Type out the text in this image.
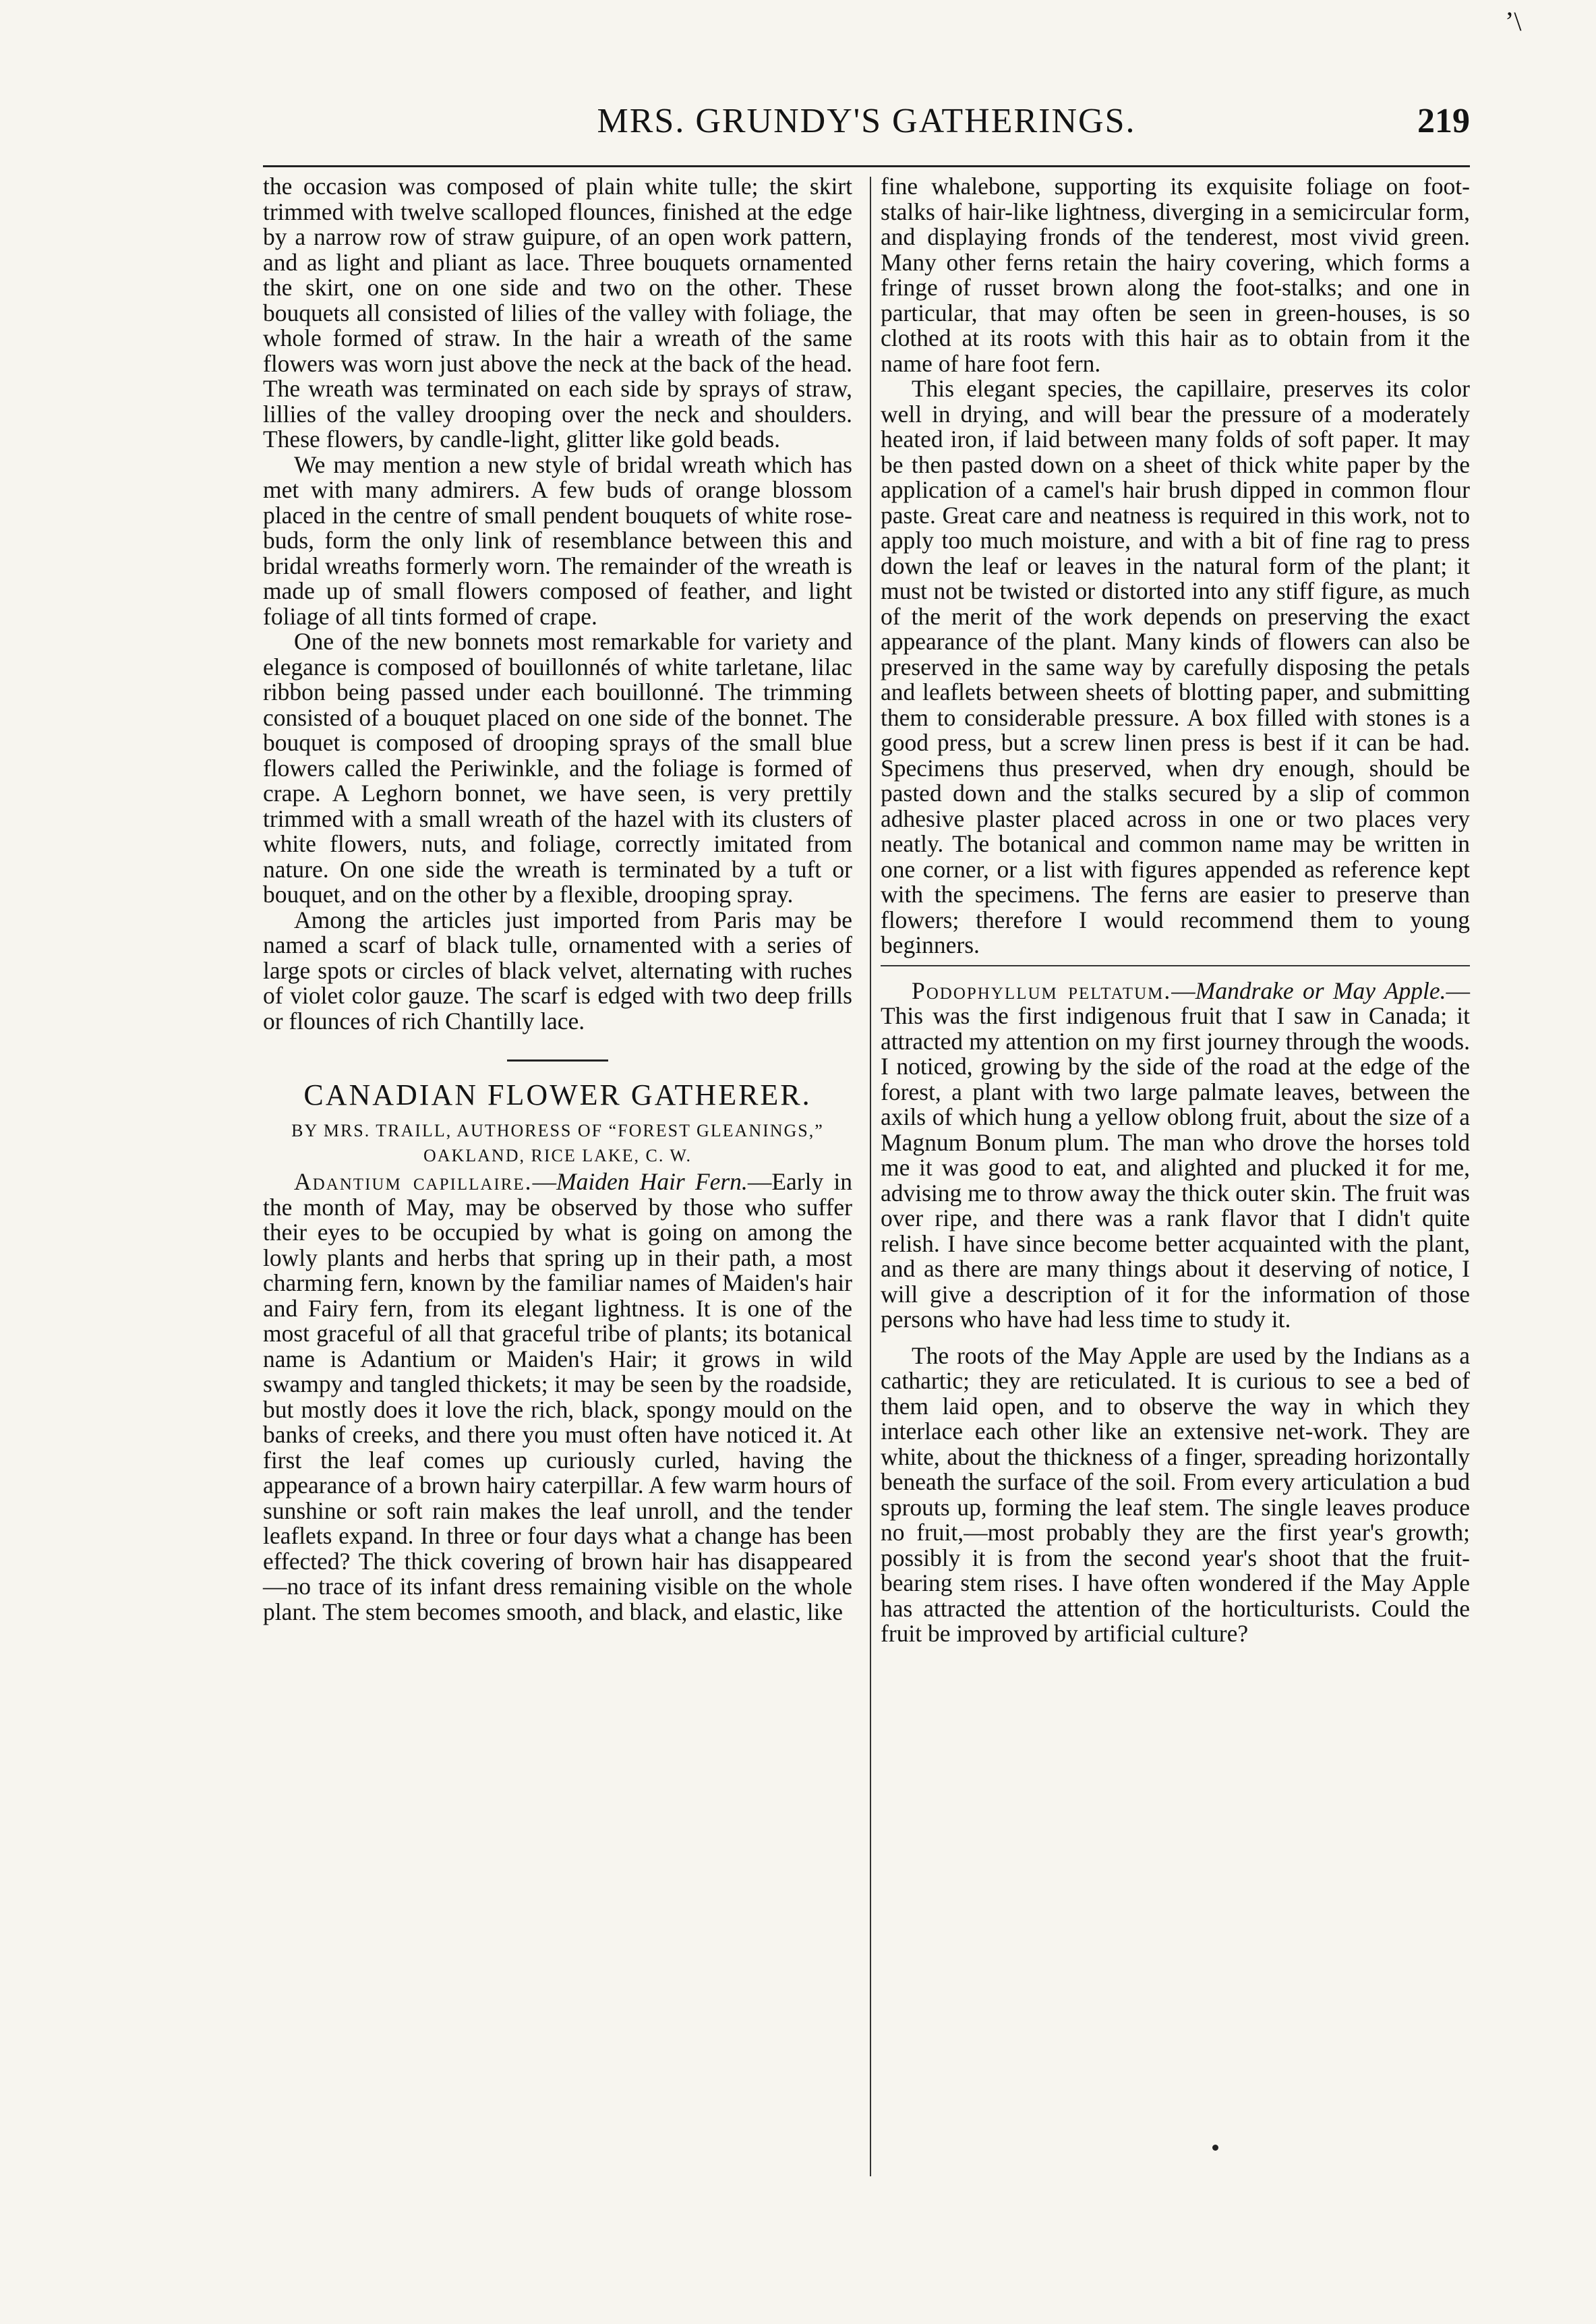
’\
MRS. GRUNDY'S GATHERINGS.	219

the occasion was composed of plain white tulle; the skirt trimmed with twelve scalloped flounces, finished at the edge by a narrow row of straw guipure, of an open work pattern, and as light and pliant as lace. Three bouquets ornamented the skirt, one on one side and two on the other. These bouquets all consisted of lilies of the valley with foliage, the whole formed of straw. In the hair a wreath of the same flowers was worn just above the neck at the back of the head. The wreath was terminated on each side by sprays of straw, lillies of the valley drooping over the neck and shoulders. These flowers, by candle-light, glitter like gold beads.

We may mention a new style of bridal wreath which has met with many admirers. A few buds of orange blossom placed in the centre of small pendent bouquets of white rose-buds, form the only link of resemblance between this and bridal wreaths formerly worn. The remainder of the wreath is made up of small flowers composed of feather, and light foliage of all tints formed of crape.

One of the new bonnets most remarkable for variety and elegance is composed of bouillonnés of white tarletane, lilac ribbon being passed under each bouillonné. The trimming consisted of a bouquet placed on one side of the bonnet. The bouquet is composed of drooping sprays of the small blue flowers called the Periwinkle, and the foliage is formed of crape. A Leghorn bonnet, we have seen, is very prettily trimmed with a small wreath of the hazel with its clusters of white flowers, nuts, and foliage, correctly imitated from nature. On one side the wreath is terminated by a tuft or bouquet, and on the other by a flexible, drooping spray.

Among the articles just imported from Paris may be named a scarf of black tulle, ornamented with a series of large spots or circles of black velvet, alternating with ruches of violet color gauze. The scarf is edged with two deep frills or flounces of rich Chantilly lace.

CANADIAN FLOWER GATHERER.
BY MRS. TRAILL, AUTHORESS OF “FOREST GLEANINGS,” OAKLAND, RICE LAKE, C. W.

Adantium capillaire.—Maiden Hair Fern.—Early in the month of May, may be observed by those who suffer their eyes to be occupied by what is going on among the lowly plants and herbs that spring up in their path, a most charming fern, known by the familiar names of Maiden's hair and Fairy fern, from its elegant lightness. It is one of the most graceful of all that graceful tribe of plants; its botanical name is Adantium or Maiden's Hair; it grows in wild swampy and tangled thickets; it may be seen by the roadside, but mostly does it love the rich, black, spongy mould on the banks of creeks, and there you must often have noticed it. At first the leaf comes up curiously curled, having the appearance of a brown hairy caterpillar. A few warm hours of sunshine or soft rain makes the leaf unroll, and the tender leaflets expand. In three or four days what a change has been effected? The thick covering of brown hair has disappeared—no trace of its infant dress remaining visible on the whole plant. The stem becomes smooth, and black, and elastic, like

fine whalebone, supporting its exquisite foliage on foot-stalks of hair-like lightness, diverging in a semicircular form, and displaying fronds of the tenderest, most vivid green. Many other ferns retain the hairy covering, which forms a fringe of russet brown along the foot-stalks; and one in particular, that may often be seen in green-houses, is so clothed at its roots with this hair as to obtain from it the name of hare foot fern.

This elegant species, the capillaire, preserves its color well in drying, and will bear the pressure of a moderately heated iron, if laid between many folds of soft paper. It may be then pasted down on a sheet of thick white paper by the application of a camel's hair brush dipped in common flour paste. Great care and neatness is required in this work, not to apply too much moisture, and with a bit of fine rag to press down the leaf or leaves in the natural form of the plant; it must not be twisted or distorted into any stiff figure, as much of the merit of the work depends on preserving the exact appearance of the plant. Many kinds of flowers can also be preserved in the same way by carefully disposing the petals and leaflets between sheets of blotting paper, and submitting them to considerable pressure. A box filled with stones is a good press, but a screw linen press is best if it can be had. Specimens thus preserved, when dry enough, should be pasted down and the stalks secured by a slip of common adhesive plaster placed across in one or two places very neatly. The botanical and common name may be written in one corner, or a list with figures appended as reference kept with the specimens. The ferns are easier to preserve than flowers; therefore I would recommend them to young beginners.

Podophyllum peltatum.—Mandrake or May Apple.—This was the first indigenous fruit that I saw in Canada; it attracted my attention on my first journey through the woods. I noticed, growing by the side of the road at the edge of the forest, a plant with two large palmate leaves, between the axils of which hung a yellow oblong fruit, about the size of a Magnum Bonum plum. The man who drove the horses told me it was good to eat, and alighted and plucked it for me, advising me to throw away the thick outer skin. The fruit was over ripe, and there was a rank flavor that I didn't quite relish. I have since become better acquainted with the plant, and as there are many things about it deserving of notice, I will give a description of it for the information of those persons who have had less time to study it.

The roots of the May Apple are used by the Indians as a cathartic; they are reticulated. It is curious to see a bed of them laid open, and to observe the way in which they interlace each other like an extensive net-work. They are white, about the thickness of a finger, spreading horizontally beneath the surface of the soil. From every articulation a bud sprouts up, forming the leaf stem. The single leaves produce no fruit,—most probably they are the first year's growth; possibly it is from the second year's shoot that the fruit-bearing stem rises. I have often wondered if the May Apple has attracted the attention of the horticulturists. Could the fruit be improved by artificial culture?
